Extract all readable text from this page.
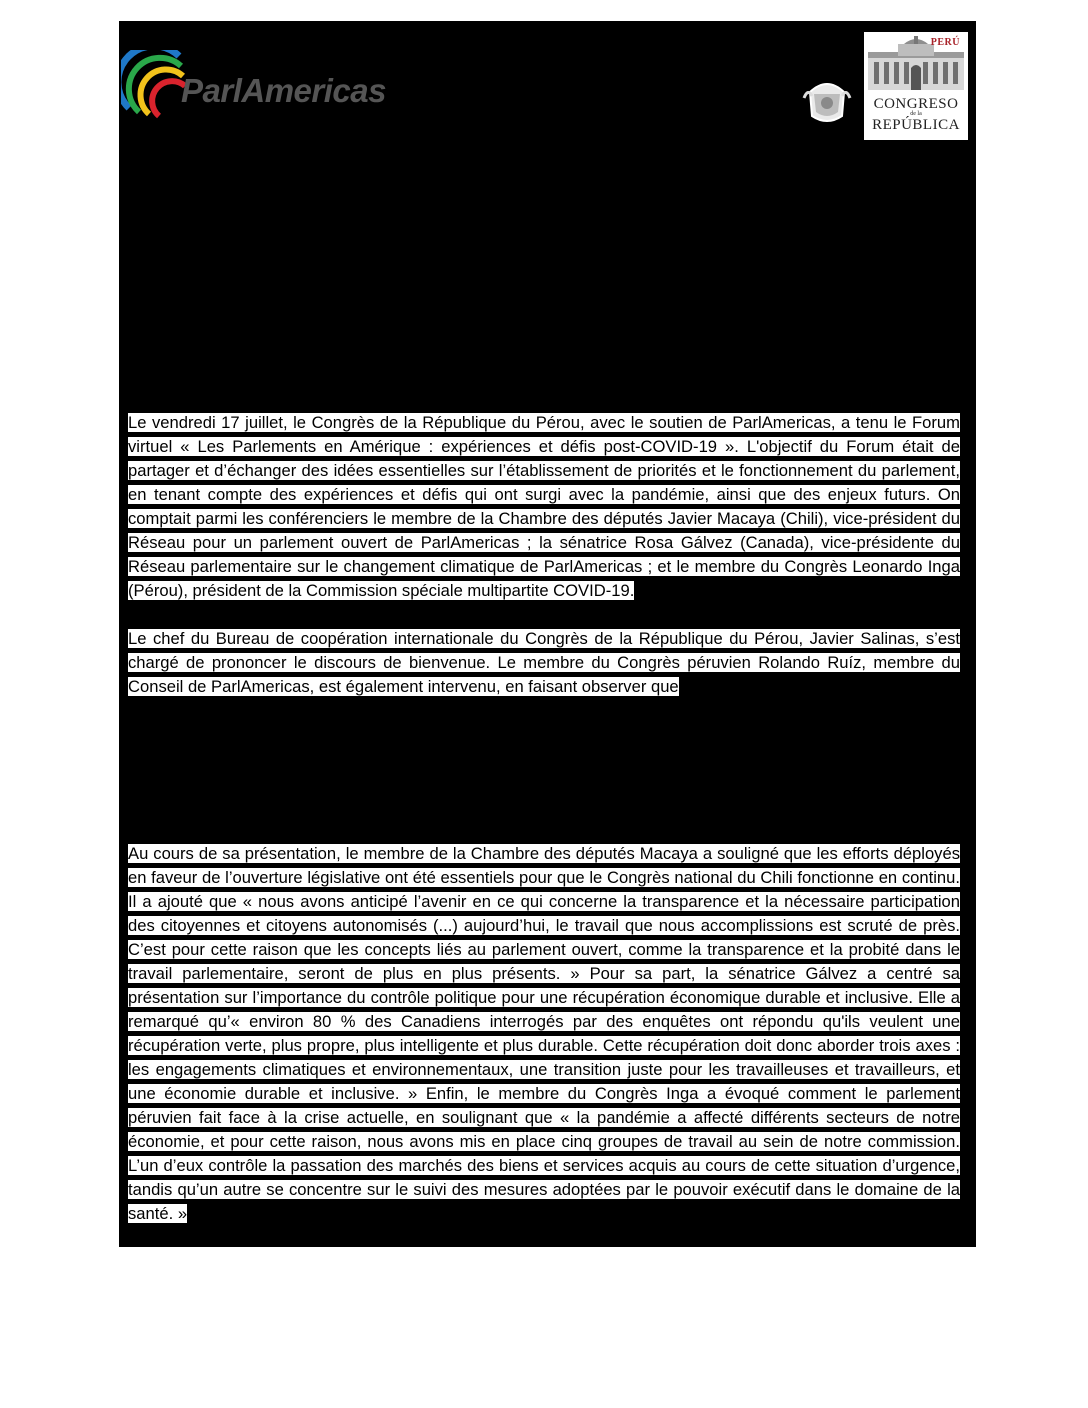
ParlAmericas
PERÚ
CONGRESO
de la
REPÚBLICA
Le vendredi 17 juillet, le Congrès de la République du Pérou, avec le soutien de ParlAmericas, a tenu le Forum virtuel « Les Parlements en Amérique : expériences et défis post-COVID-19 ». L'objectif du Forum était de partager et d’échanger des idées essentielles sur l’établissement de priorités et le fonctionnement du parlement, en tenant compte des expériences et défis qui ont surgi avec la pandémie, ainsi que des enjeux futurs. On comptait parmi les conférenciers le membre de la Chambre des députés Javier Macaya (Chili), vice-président du Réseau pour un parlement ouvert de ParlAmericas ; la sénatrice Rosa Gálvez (Canada), vice-présidente du Réseau parlementaire sur le changement climatique de ParlAmericas ; et le membre du Congrès Leonardo Inga (Pérou), président de la Commission spéciale multipartite COVID-19.
Le chef du Bureau de coopération internationale du Congrès de la République du Pérou, Javier Salinas, s’est chargé de prononcer le discours de bienvenue. Le membre du Congrès péruvien Rolando Ruíz, membre du Conseil de ParlAmericas, est également intervenu, en faisant observer que
Au cours de sa présentation, le membre de la Chambre des députés Macaya a souligné que les efforts déployés en faveur de l’ouverture législative ont été essentiels pour que le Congrès national du Chili fonctionne en continu. Il a ajouté que « nous avons anticipé l’avenir en ce qui concerne la transparence et la nécessaire participation des citoyennes et citoyens autonomisés (...) aujourd’hui, le travail que nous accomplissions est scruté de près. C’est pour cette raison que les concepts liés au parlement ouvert, comme la transparence et la probité dans le travail parlementaire, seront de plus en plus présents. » Pour sa part, la sénatrice Gálvez a centré sa présentation sur l’importance du contrôle politique pour une récupération économique durable et inclusive. Elle a remarqué qu’« environ 80 % des Canadiens interrogés par des enquêtes ont répondu qu'ils veulent une récupération verte, plus propre, plus intelligente et plus durable. Cette récupération doit donc aborder trois axes : les engagements climatiques et environnementaux, une transition juste pour les travailleuses et travailleurs, et une économie durable et inclusive. » Enfin, le membre du Congrès Inga a évoqué comment le parlement péruvien fait face à la crise actuelle, en soulignant que « la pandémie a affecté différents secteurs de notre économie, et pour cette raison, nous avons mis en place cinq groupes de travail au sein de notre commission. L’un d’eux contrôle la passation des marchés des biens et services acquis au cours de cette situation d’urgence, tandis qu’un autre se concentre sur le suivi des mesures adoptées par le pouvoir exécutif dans le domaine de la santé. »
